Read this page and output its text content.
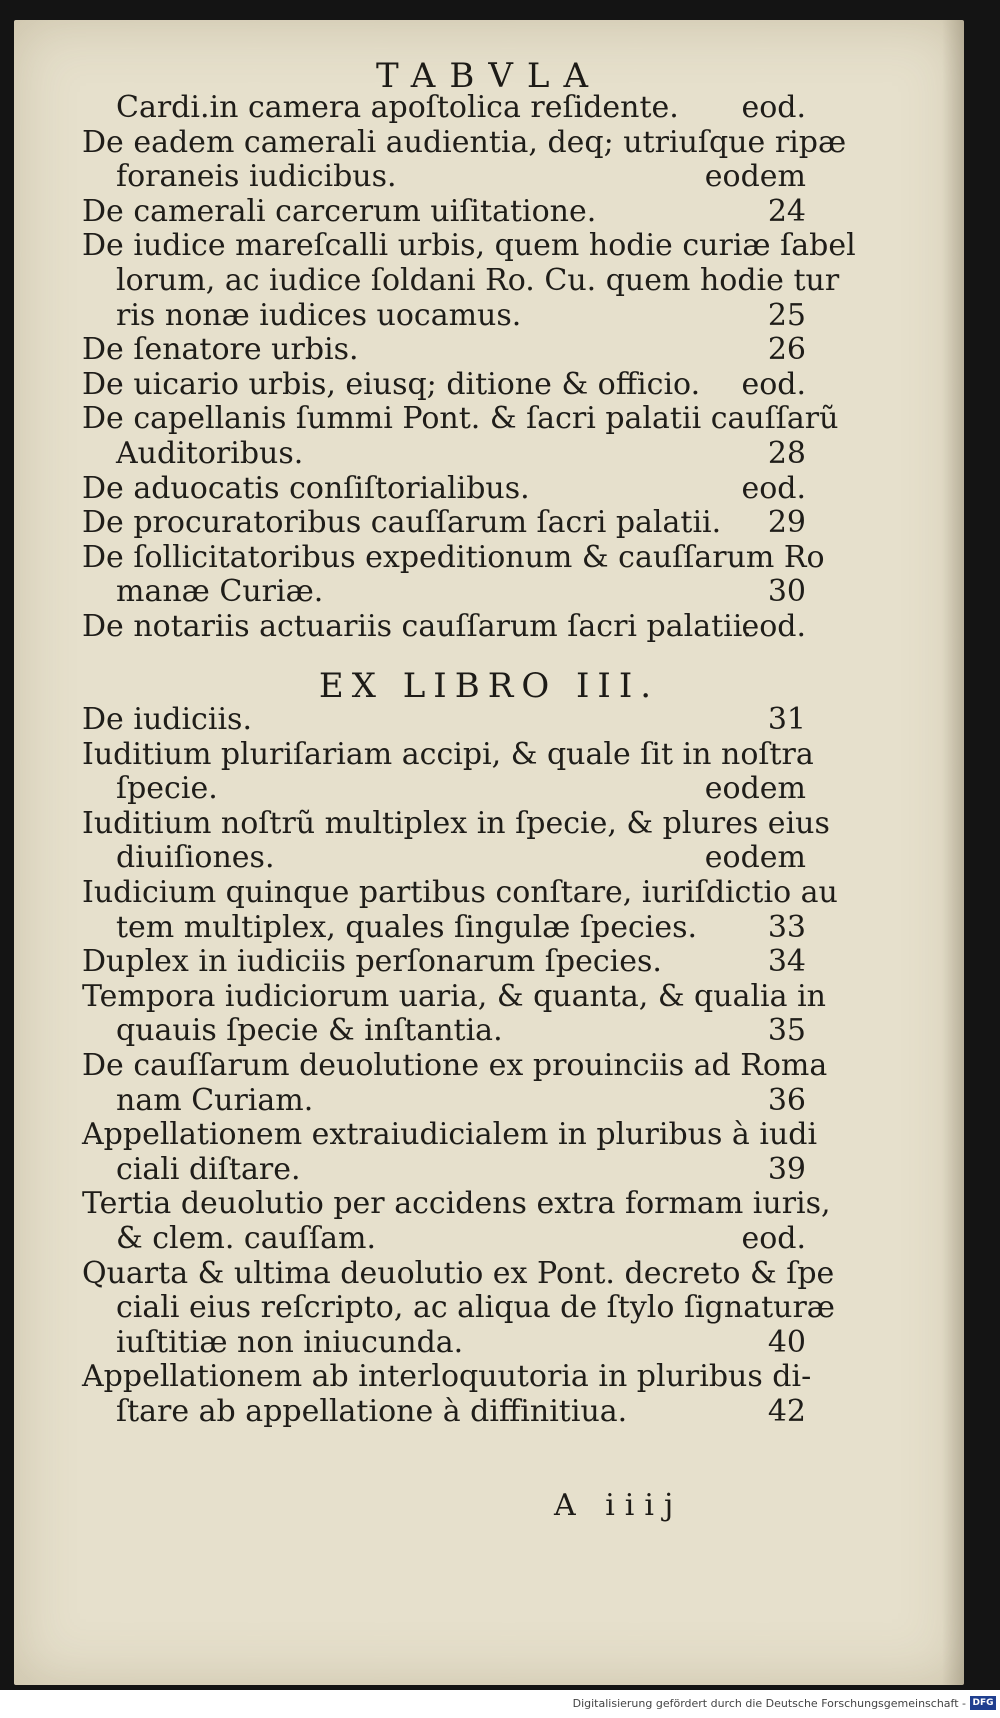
TABVLA
Cardi.in camera apoſtolica reſidente. eod.
De eadem camerali audientia, deq; utriuſque ripæ
foraneis iudicibus.	eodem
De camerali carcerum uiſitatione.	24
De iudice mareſcalli urbis, quem hodie curiæ ſabel
lorum, ac iudice ſoldani Ro. Cu. quem hodie tur
ris nonæ iudices uocamus.	25
De ſenatore urbis.	26
De uicario urbis, eiusq; ditione & officio. eod.
De capellanis ſummi Pont. & ſacri palatii cauſſarũ
Auditoribus.	28
De aduocatis conſiſtorialibus.	eod.
De procuratoribus cauſſarum ſacri palatii. 29
De ſollicitatoribus expeditionum & cauſſarum Ro
manæ Curiæ.	30
De notariis actuariis cauſſarum ſacri palatii.
eod.
EX LIBRO III.
De iudiciis.	31
Iuditium pluriſariam accipi, & quale ſit in noſtra
ſpecie.	eodem
Iuditium noſtrũ multiplex in ſpecie, & plures eius
diuiſiones.	eodem
Iudicium quinque partibus conſtare, iuriſdictio au
tem multiplex, quales ſingulæ ſpecies. 33
Duplex in iudiciis perſonarum ſpecies.	34
Tempora iudiciorum uaria, & quanta, & qualia in
quauis ſpecie & inſtantia.	35
De cauſſarum deuolutione ex prouinciis ad Roma
nam Curiam.	36
Appellationem extraiudicialem in pluribus à iudi
ciali diſtare.	39
Tertia deuolutio per accidens extra formam iuris,
& clem. cauſſam.	eod.
Quarta & ultima deuolutio ex Pont. decreto & ſpe
ciali eius reſcripto, ac aliqua de ſtylo ſignaturæ
iuſtitiæ non iniucunda.	40
Appellationem ab interloquutoria in pluribus di-
ſtare ab appellatione à diffinitiua.	42
A iiij
Digitalisierung gefördert durch die Deutsche Forschungsgemeinschaft - DFG
